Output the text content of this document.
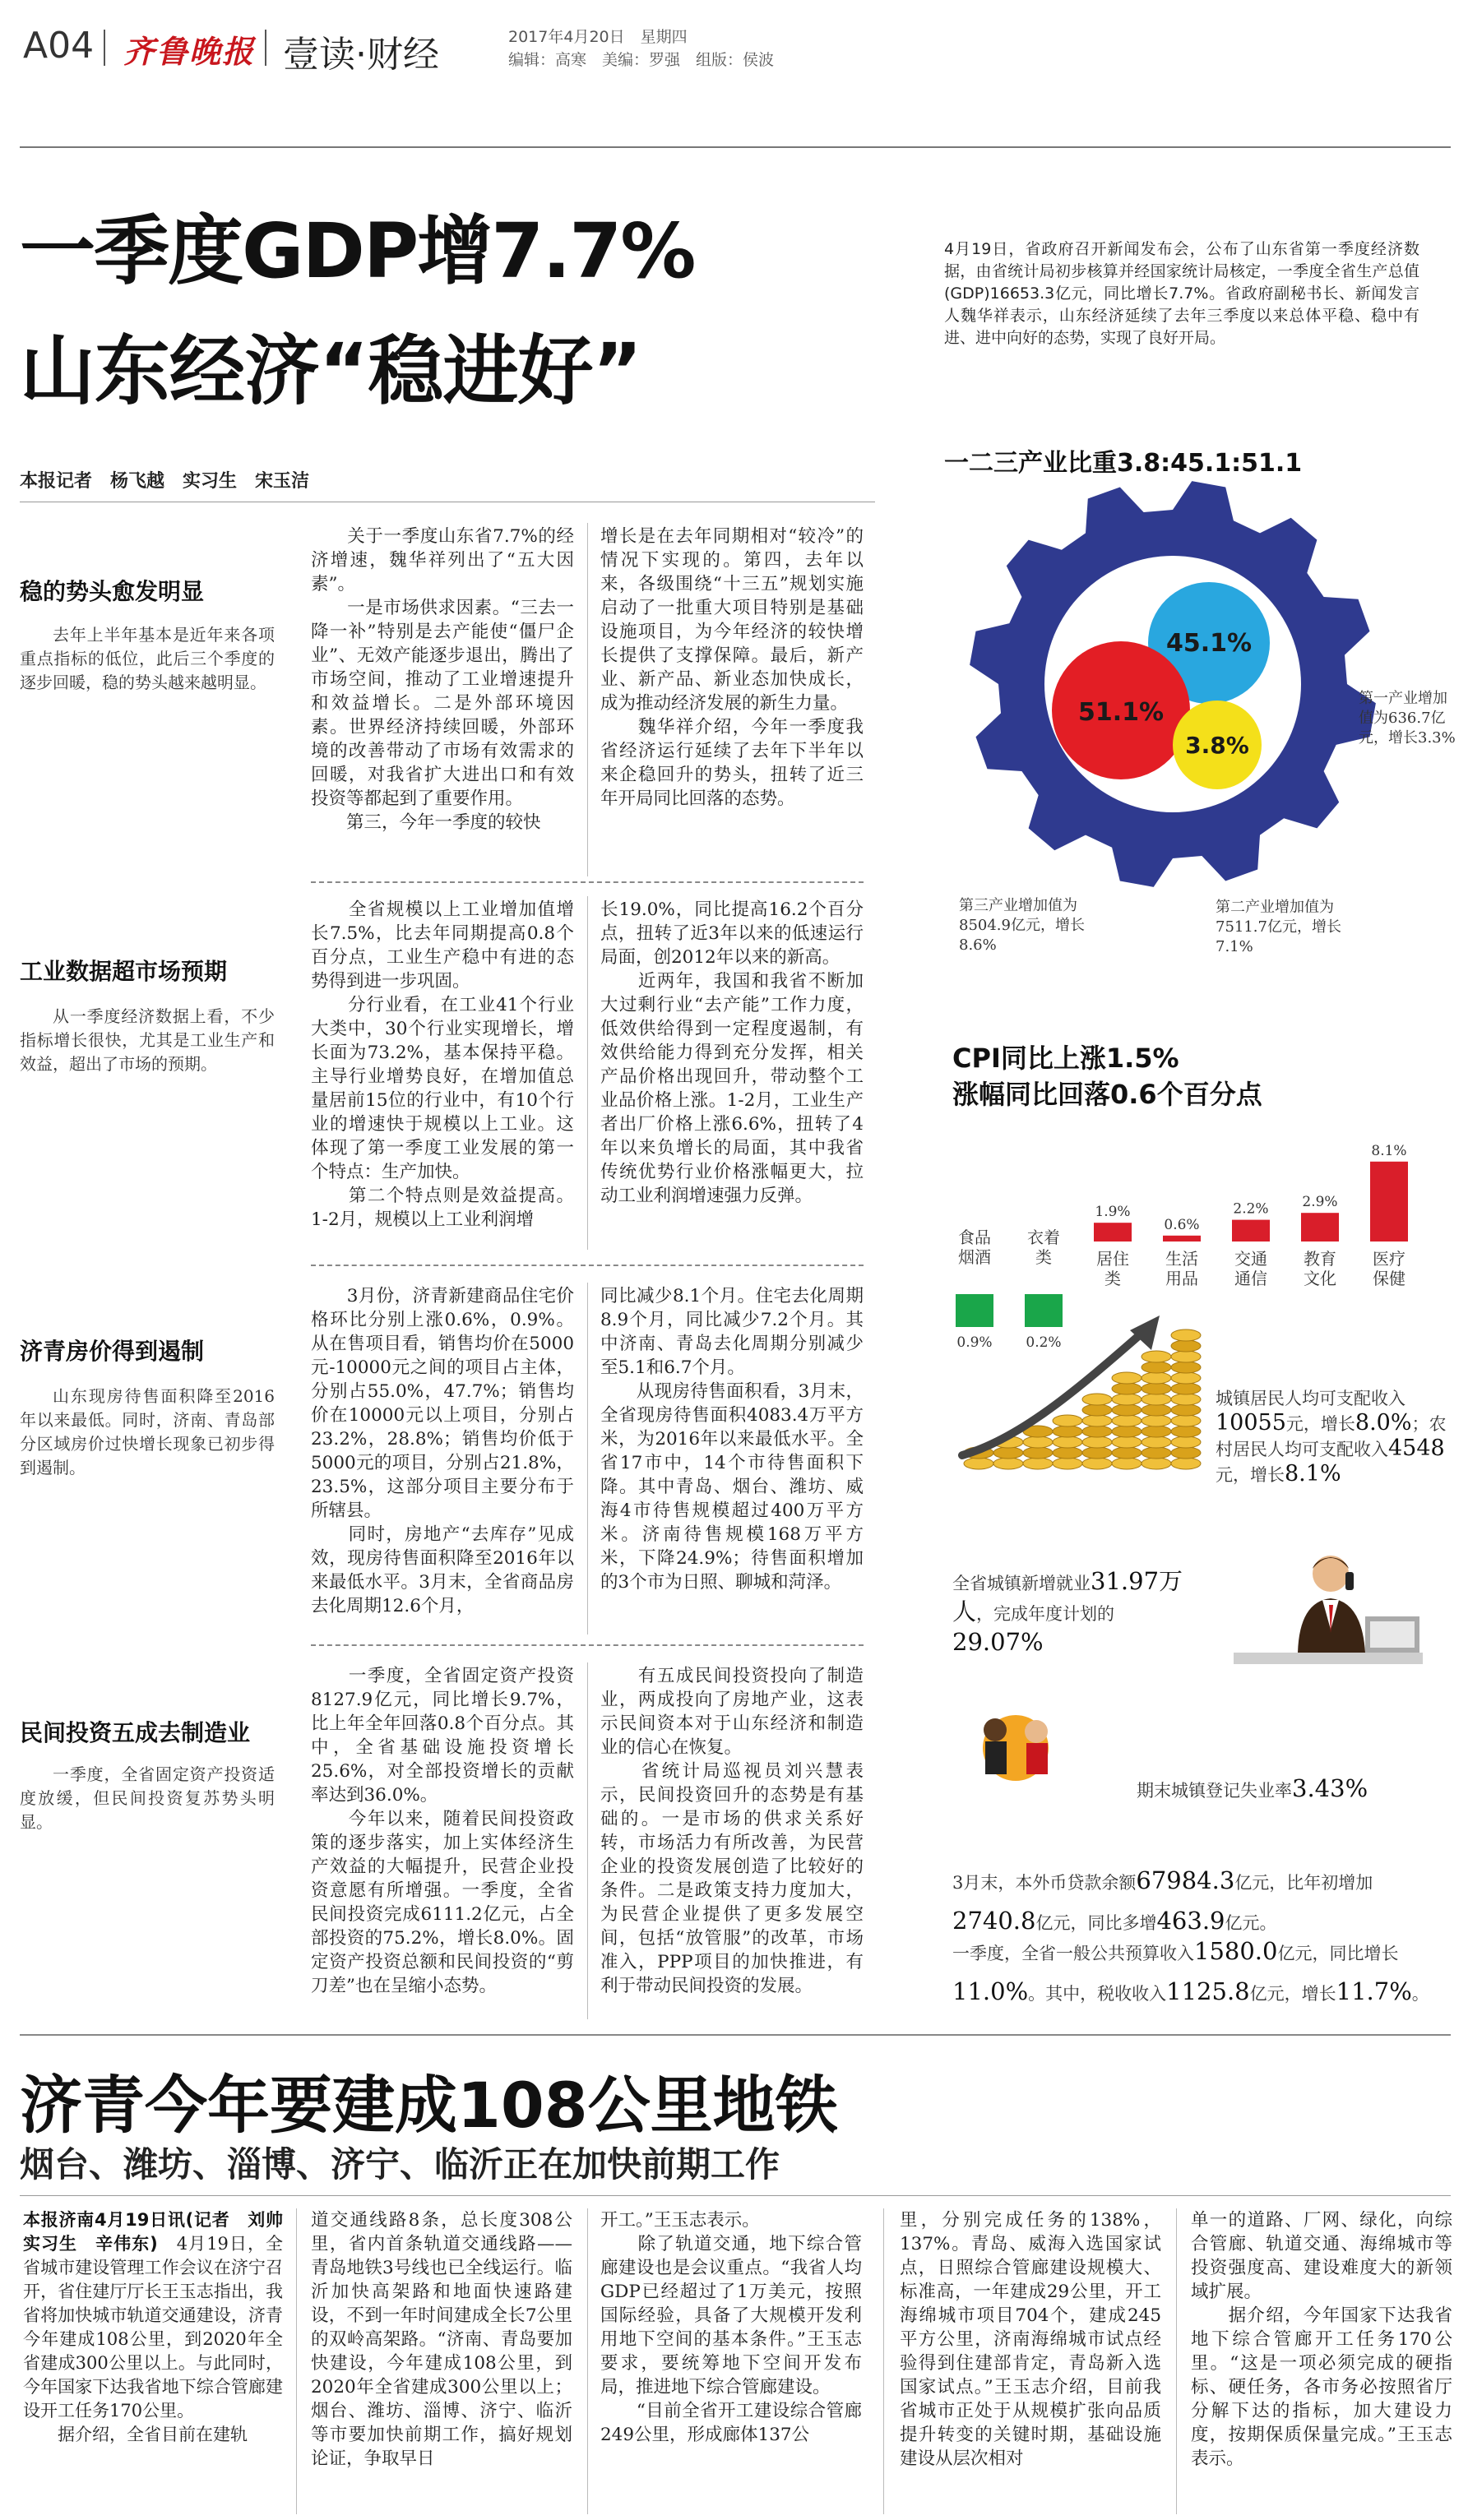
A04 齐鲁晚报 壹读·财经	2017年4月20日　星期四
编辑：高寒　美编：罗强　组版：侯波
一季度GDP增7.7%
山东经济“稳进好”
4月19日，省政府召开新闻发布会，公布了山东省第一季度经济数据，由省统计局初步核算并经国家统计局核定，一季度全省生产总值(GDP)16653.3亿元，同比增长7.7%。省政府副秘书长、新闻发言人魏华祥表示，山东经济延续了去年三季度以来总体平稳、稳中有进、进中向好的态势，实现了良好开局。
本报记者　杨飞越　实习生　宋玉洁
稳的势头愈发明显
去年上半年基本是近年来各项重点指标的低位，此后三个季度的逐步回暖，稳的势头越来越明显。
　　关于一季度山东省7.7%的经济增速，魏华祥列出了“五大因素”。
　　一是市场供求因素。“三去一降一补”特别是去产能使“僵尸企业”、无效产能逐步退出，腾出了市场空间，推动了工业增速提升和效益增长。二是外部环境因素。世界经济持续回暖，外部环境的改善带动了市场有效需求的回暖，对我省扩大进出口和有效投资等都起到了重要作用。
　　第三，今年一季度的较快
增长是在去年同期相对“较冷”的情况下实现的。第四，去年以来，各级围绕“十三五”规划实施启动了一批重大项目特别是基础设施项目，为今年经济的较快增长提供了支撑保障。最后，新产业、新产品、新业态加快成长，成为推动经济发展的新生力量。
　　魏华祥介绍，今年一季度我省经济运行延续了去年下半年以来企稳回升的势头，扭转了近三年开局同比回落的态势。
工业数据超市场预期
从一季度经济数据上看，不少指标增长很快，尤其是工业生产和效益，超出了市场的预期。
　　全省规模以上工业增加值增长7.5%，比去年同期提高0.8个百分点，工业生产稳中有进的态势得到进一步巩固。
　　分行业看，在工业41个行业大类中，30个行业实现增长，增长面为73.2%，基本保持平稳。主导行业增势良好，在增加值总量居前15位的行业中，有10个行业的增速快于规模以上工业。这体现了第一季度工业发展的第一个特点：生产加快。
　　第二个特点则是效益提高。1-2月，规模以上工业利润增
长19.0%，同比提高16.2个百分点，扭转了近3年以来的低速运行局面，创2012年以来的新高。
　　近两年，我国和我省不断加大过剩行业“去产能”工作力度，低效供给得到一定程度遏制，有效供给能力得到充分发挥，相关产品价格出现回升，带动整个工业品价格上涨。1-2月，工业生产者出厂价格上涨6.6%，扭转了4年以来负增长的局面，其中我省传统优势行业价格涨幅更大，拉动工业利润增速强力反弹。
济青房价得到遏制
山东现房待售面积降至2016年以来最低。同时，济南、青岛部分区域房价过快增长现象已初步得到遏制。
　　3月份，济青新建商品住宅价格环比分别上涨0.6%，0.9%。从在售项目看，销售均价在5000元-10000元之间的项目占主体，分别占55.0%，47.7%；销售均价在10000元以上项目，分别占23.2%，28.8%；销售均价低于5000元的项目，分别占21.8%，23.5%，这部分项目主要分布于所辖县。
　　同时，房地产“去库存”见成效，现房待售面积降至2016年以来最低水平。3月末，全省商品房去化周期12.6个月，
同比减少8.1个月。住宅去化周期8.9个月，同比减少7.2个月。其中济南、青岛去化周期分别减少至5.1和6.7个月。
　　从现房待售面积看，3月末，全省现房待售面积4083.4万平方米，为2016年以来最低水平。全省17市中，14个市待售面积下降。其中青岛、烟台、潍坊、威海4市待售规模超过400万平方米。济南待售规模168万平方米，下降24.9%；待售面积增加的3个市为日照、聊城和菏泽。
民间投资五成去制造业
一季度，全省固定资产投资适度放缓，但民间投资复苏势头明显。
　　一季度，全省固定资产投资8127.9亿元，同比增长9.7%，比上年全年回落0.8个百分点。其中，全省基础设施投资增长25.6%，对全部投资增长的贡献率达到36.0%。
　　今年以来，随着民间投资政策的逐步落实，加上实体经济生产效益的大幅提升，民营企业投资意愿有所增强。一季度，全省民间投资完成6111.2亿元，占全部投资的75.2%，增长8.0%。固定资产投资总额和民间投资的“剪刀差”也在呈缩小态势。
　　有五成民间投资投向了制造业，两成投向了房地产业，这表示民间资本对于山东经济和制造业的信心在恢复。
　　省统计局巡视员刘兴慧表示，民间投资回升的态势是有基础的。一是市场的供求关系好转，市场活力有所改善，为民营企业的投资发展创造了比较好的条件。二是政策支持力度加大，为民营企业提供了更多发展空间，包括“放管服”的改革，市场准入，PPP项目的加快推进，有利于带动民间投资的发展。
一二三产业比重3.8:45.1:51.1
45.1%
51.1%
3.8%
第一产业增加值为636.7亿元，增长3.3%
第三产业增加值为8504.9亿元，增长8.6%
第二产业增加值为7511.7亿元，增长7.1%
CPI同比上涨1.5%
涨幅同比回落0.6个百分点
0.9%
食品
烟酒
0.2%
衣着
类
1.9%
居住
类
0.6%
生活
用品
2.2%
交通
通信
2.9%
教育
文化
8.1%
医疗
保健
城镇居民人均可支配收入10055元，增长8.0%；农村居民人均可支配收入4548元，增长8.1%
全省城镇新增就业31.97万人，完成年度计划的29.07%
期末城镇登记失业率3.43%
3月末，本外币贷款余额67984.3亿元，比年初增加2740.8亿元，同比多增463.9亿元。
一季度，全省一般公共预算收入1580.0亿元，同比增长11.0%。其中，税收收入1125.8亿元，增长11.7%。
济青今年要建成108公里地铁
烟台、潍坊、淄博、济宁、临沂正在加快前期工作
本报济南4月19日讯(记者　刘帅　实习生　辛伟东)　4月19日，全省城市建设管理工作会议在济宁召开，省住建厅厅长王玉志指出，我省将加快城市轨道交通建设，济青今年建成108公里，到2020年全省建成300公里以上。与此同时，今年国家下达我省地下综合管廊建设开工任务170公里。
　　据介绍，全省目前在建轨
道交通线路8条，总长度308公里，省内首条轨道交通线路——青岛地铁3号线也已全线运行。临沂加快高架路和地面快速路建设，不到一年时间建成全长7公里的双岭高架路。“济南、青岛要加快建设，今年建成108公里，到2020年全省建成300公里以上；烟台、潍坊、淄博、济宁、临沂等市要加快前期工作，搞好规划论证，争取早日
开工。”王玉志表示。
　　除了轨道交通，地下综合管廊建设也是会议重点。“我省人均GDP已经超过了1万美元，按照国际经验，具备了大规模开发利用地下空间的基本条件。”王玉志要求，要统筹地下空间开发布局，推进地下综合管廊建设。
　　“目前全省开工建设综合管廊249公里，形成廊体137公
里，分别完成任务的138%，137%。青岛、威海入选国家试点，日照综合管廊建设规模大、标准高，一年建成29公里，开工海绵城市项目704个，建成245平方公里，济南海绵城市试点经验得到住建部肯定，青岛新入选国家试点。”王玉志介绍，目前我省城市正处于从规模扩张向品质提升转变的关键时期，基础设施建设从层次相对
单一的道路、厂网、绿化，向综合管廊、轨道交通、海绵城市等投资强度高、建设难度大的新领域扩展。
　　据介绍，今年国家下达我省地下综合管廊开工任务170公里。“这是一项必须完成的硬指标、硬任务，各市务必按照省厅分解下达的指标，加大建设力度，按期保质保量完成。”王玉志表示。
